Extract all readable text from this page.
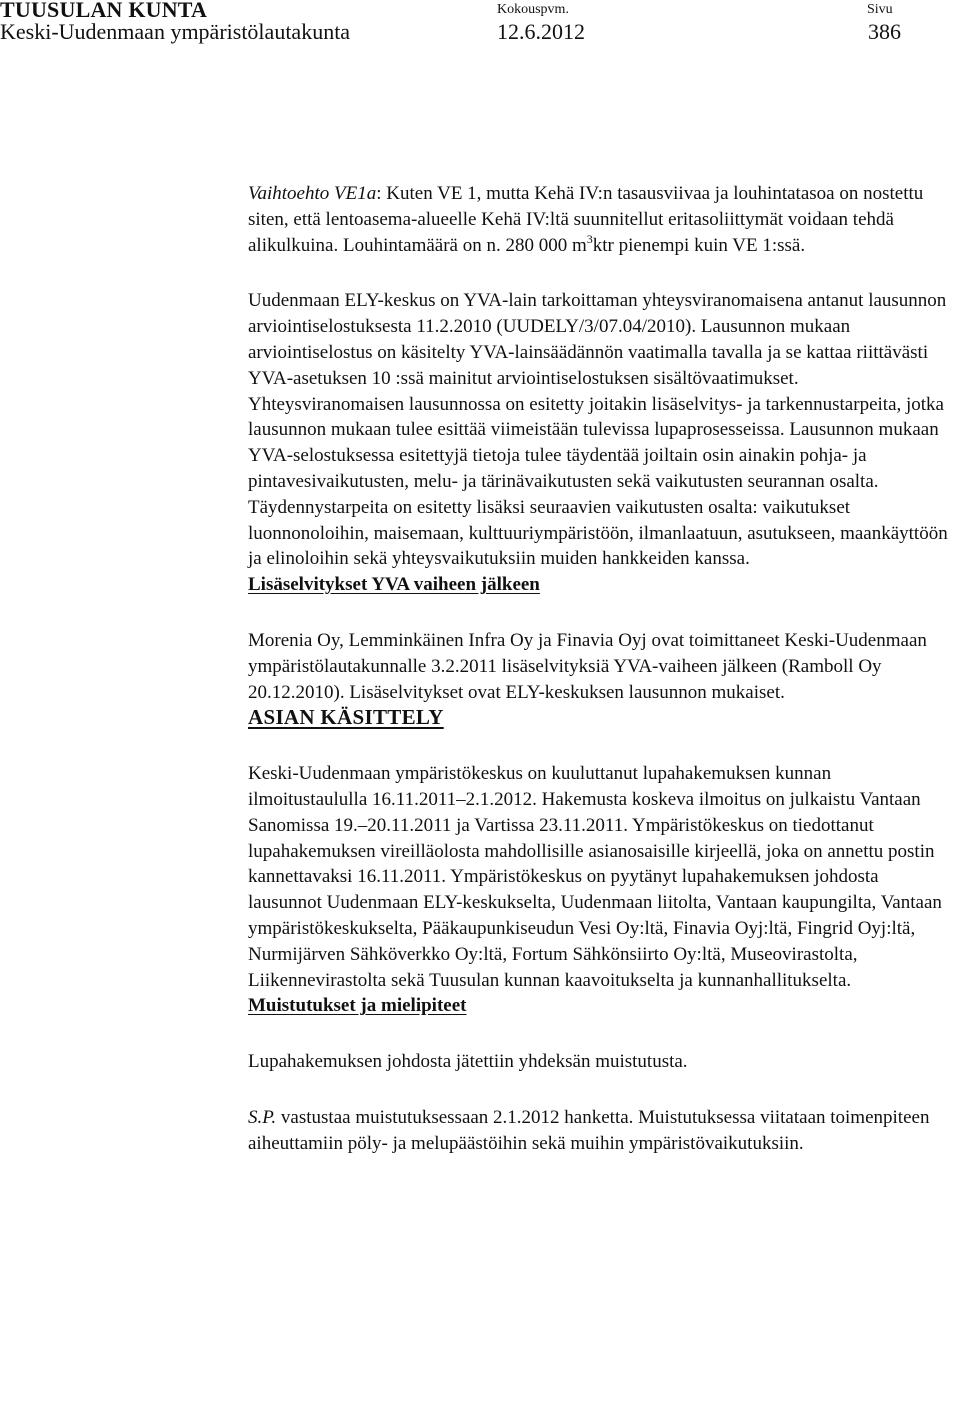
TUUSULAN KUNTA
Keski-Uudenmaan ympäristölautakunta
Kokouspvm.
12.6.2012
Sivu
386

Vaihtoehto VE1a: Kuten VE 1, mutta Kehä IV:n tasausviivaa ja louhintatasoa on nostettu siten, että lentoasema-alueelle Kehä IV:ltä suunnitellut eritasoliittymät voidaan tehdä alikulkuina. Louhintamäärä on n. 280 000 $m^3ktr$ pienempi kuin VE 1:ssä.

Uudenmaan ELY-keskus on YVA-lain tarkoittaman yhteysviranomaisena antanut lausunnon arviointiselostuksesta 11.2.2010 (UUDELY/3/07.04/2010). Lausunnon mukaan arviointiselostus on käsitelty YVA-lainsäädännön vaatimalla tavalla ja se kattaa riittävästi YVA-asetuksen 10 :ssä mainitut arviointiselostuksen sisältövaatimukset. Yhteysviranomaisen lausunnossa on esitetty joitakin lisäselvitys- ja tarkennustarpeita, jotka lausunnon mukaan tulee esittää viimeistään tulevissa lupaprosesseissa. Lausunnon mukaan YVA-selostuksessa esitettyjä tietoja tulee täydentää joiltain osin ainakin pohja- ja pintavesivaikutusten, melu- ja tärinävaikutusten sekä vaikutusten seurannan osalta. Täydennystarpeita on esitetty lisäksi seuraavien vaikutusten osalta: vaikutukset luonnonoloihin, maisemaan, kulttuuriympäristöön, ilmanlaatuun, asutukseen, maankäyttöön ja elinoloihin sekä yhteysvaikutuksiin muiden hankkeiden kanssa.

Lisäselvitykset YVA vaiheen jälkeen

Morenia Oy, Lemminkäinen Infra Oy ja Finavia Oyj ovat toimittaneet Keski-Uudenmaan ympäristölautakunnalle 3.2.2011 lisäselvityksiä YVA-vaiheen jälkeen (Ramboll Oy 20.12.2010). Lisäselvitykset ovat ELY-keskuksen lausunnon mukaiset.

ASIAN KÄSITTELY

Keski-Uudenmaan ympäristökeskus on kuuluttanut lupahakemuksen kunnan ilmoitustaululla 16.11.2011–2.1.2012. Hakemusta koskeva ilmoitus on julkaistu Vantaan Sanomissa 19.–20.11.2011 ja Vartissa 23.11.2011. Ympäristökeskus on tiedottanut lupahakemuksen vireilläolosta mahdollisille asianosaisille kirjeellä, joka on annettu postin kannettavaksi 16.11.2011. Ympäristökeskus on pyytänyt lupahakemuksen johdosta lausunnot Uudenmaan ELY-keskukselta, Uudenmaan liitolta, Vantaan kaupungilta, Vantaan ympäristökeskukselta, Pääkaupunkiseudun Vesi Oy:ltä, Finavia Oyj:ltä, Fingrid Oyj:ltä, Nurmijärven Sähköverkko Oy:ltä, Fortum Sähkönsiirto Oy:ltä, Museovirastolta, Liikennevirastolta sekä Tuusulan kunnan kaavoitukselta ja kunnanhallitukselta.

Muistutukset ja mielipiteet

Lupahakemuksen johdosta jätettiin yhdeksän muistutusta.

S.P. vastustaa muistutuksessaan 2.1.2012 hanketta. Muistutuksessa viitataan toimenpiteen aiheuttamiin pöly- ja melupäästöihin sekä muihin ympäristövaikutuksiin.
